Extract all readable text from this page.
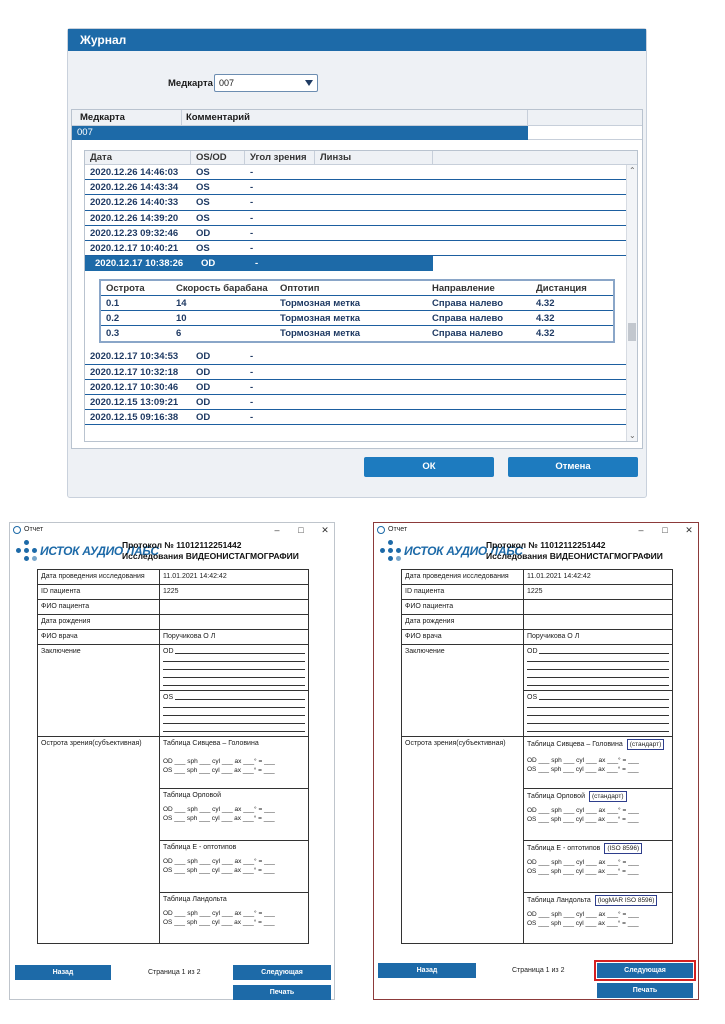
Журнал
Медкарта 007
Медкарта	Комментарий
007
Дата	OS/OD	Угол зрения	Линзы
2020.12.26 14:46:03	OS	-
2020.12.26 14:43:34	OS	-
2020.12.26 14:40:33	OS	-
2020.12.26 14:39:20	OS	-
2020.12.23 09:32:46	OD	-
2020.12.17 10:40:21	OS	-
2020.12.17 10:38:26	OD	-
Острота	Скорость барабана	Оптотип	Направление	Дистанция
0.1	14	Тормозная метка	Справа налево	4.32
0.2	10	Тормозная метка	Справа налево	4.32
0.3	6	Тормозная метка	Справа налево	4.32
2020.12.17 10:34:53	OD	-
2020.12.17 10:32:18	OD	-
2020.12.17 10:30:46	OD	-
2020.12.15 13:09:21	OD	-
2020.12.15 09:16:38	OD	-
⌃
⌄
ОК	Отмена
Отчет	– □ ✕
ИСТОК АУДИО ЛАБС
Протокол № 11012112251442
Исследования ВИДЕОНИСТАГМОГРАФИИ
Дата проведения исследования	11.01.2021 14:42:42
ID пациента	1225
ФИО пациента
Дата рождения
ФИО врача	Поручикова О Л
Заключение	OD
OS
Острота зрения(субъективная)	Таблица Сивцева – Головина
OD ___ sph ___ cyl ___ ax ___° = ___
OS ___ sph ___ cyl ___ ax ___° = ___
Таблица Орловой
OD ___ sph ___ cyl ___ ax ___° = ___
OS ___ sph ___ cyl ___ ax ___° = ___
Таблица Е - оптотипов
OD ___ sph ___ cyl ___ ax ___° = ___
OS ___ sph ___ cyl ___ ax ___° = ___
Таблица Ландольта
OD ___ sph ___ cyl ___ ax ___° = ___
OS ___ sph ___ cyl ___ ax ___° = ___
Назад	Страница 1 из 2	Следующая
Печать
Отчет	– □ ✕
ИСТОК АУДИО ЛАБС
Протокол № 11012112251442
Исследования ВИДЕОНИСТАГМОГРАФИИ
Дата проведения исследования	11.01.2021 14:42:42
ID пациента	1225
ФИО пациента
Дата рождения
ФИО врача	Поручикова О Л
Заключение	OD
OS
Острота зрения(субъективная)	Таблица Сивцева – Головина (стандарт)
OD ___ sph ___ cyl ___ ax ___° = ___
OS ___ sph ___ cyl ___ ax ___° = ___
Таблица Орловой (стандарт)
OD ___ sph ___ cyl ___ ax ___° = ___
OS ___ sph ___ cyl ___ ax ___° = ___
Таблица Е - оптотипов (ISO 8596)
OD ___ sph ___ cyl ___ ax ___° = ___
OS ___ sph ___ cyl ___ ax ___° = ___
Таблица Ландольта (logMAR ISO 8596)
OD ___ sph ___ cyl ___ ax ___° = ___
OS ___ sph ___ cyl ___ ax ___° = ___
Назад	Страница 1 из 2	Следующая
Печать
